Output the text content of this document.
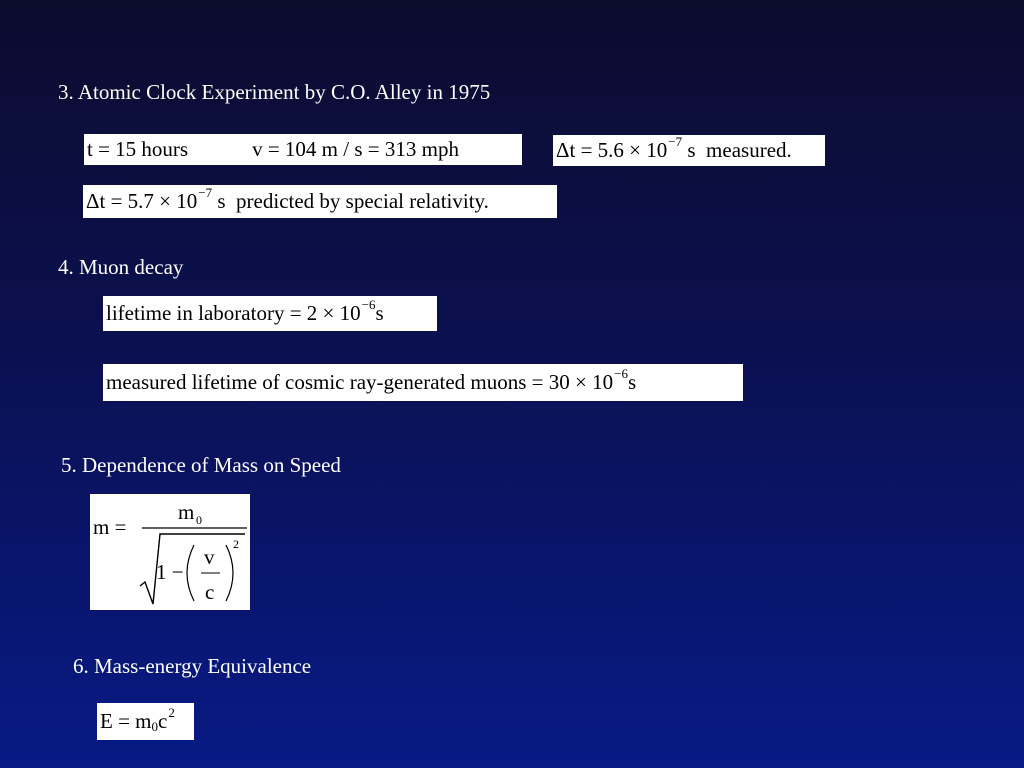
3. Atomic Clock Experiment by C.O. Alley in 1975
4. Muon decay
5. Dependence of Mass on Speed
6. Mass-energy Equivalence
t = 15 hours	v = 104 m / s = 313 mph	$\Delta t = 5.6 \times 10^{-7}$ s  measured.
$\Delta t = 5.7 \times 10^{-7}$ s  predicted by special relativity.
lifetime in laboratory = $2 \times 10^{-6}$ s
measured lifetime of cosmic ray-generated muons = $30 \times 10^{-6}$ s
m =
m 0
1 −
v
c
2
$E = m_0$ $c^2$
